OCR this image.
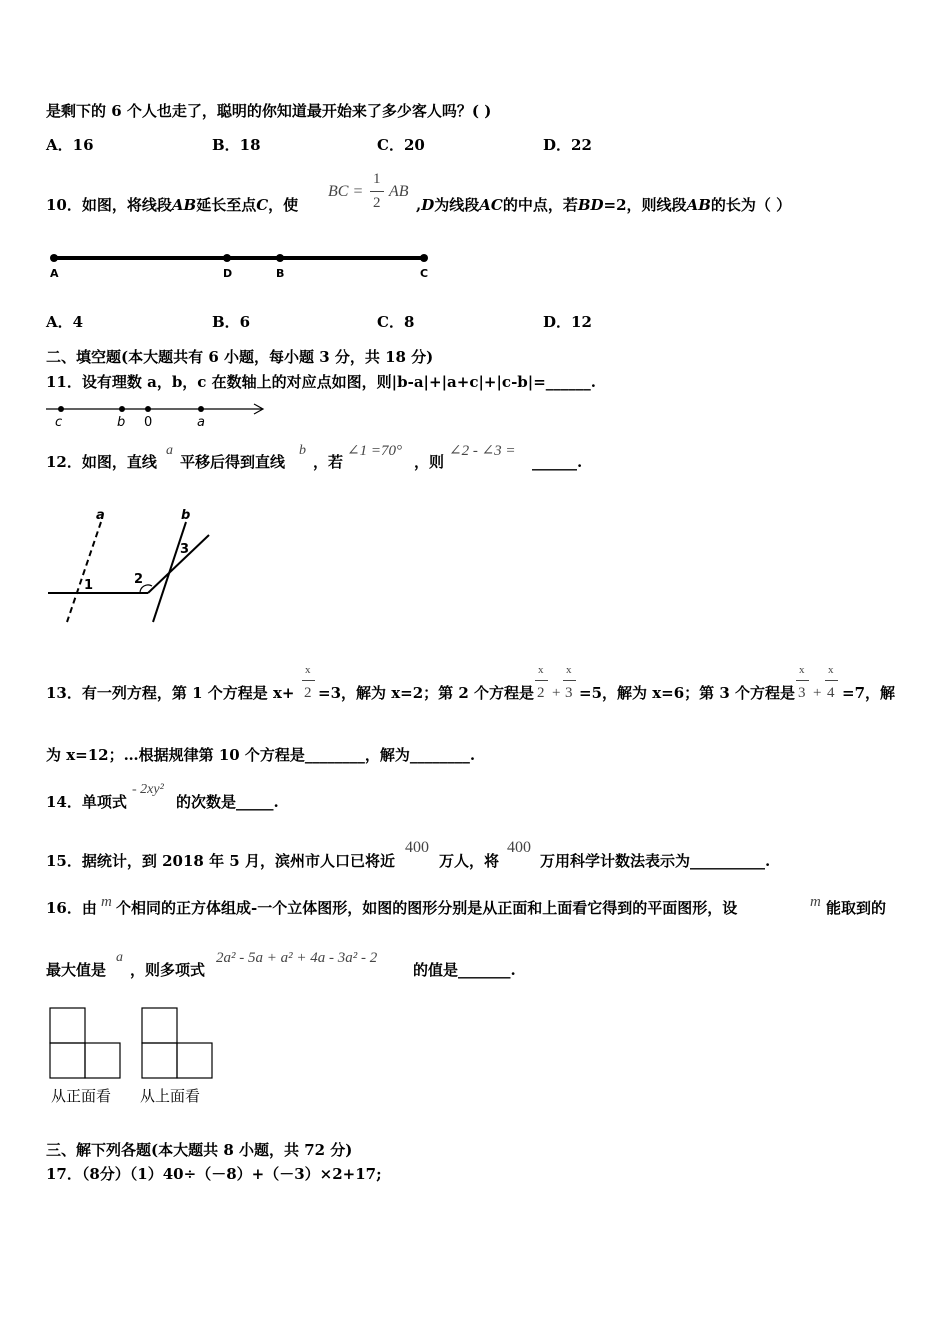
是剩下的 6 个人也走了，聪明的你知道最开始来了多少客人吗？( )
A．16	B．18	C．20	D．22
10．如图，将线段AB延长至点C，使
BC =
1
2
AB
,D为线段AC的中点，若BD=2，则线段AB的长为（ ）
A	D	B	C
A．4	B．6	C．8	D．12
二、填空题(本大题共有 6 小题，每小题 3 分，共 18 分)
11．设有理数 a，b，c 在数轴上的对应点如图，则|b-a|+|a+c|+|c-b|=______.
c	b 0	a
12．如图，直线
a
平移后得到直线
b
，若
∠1 =70°
，则
∠2 - ∠3 =
______.
a	b
1	2
3
13．有一列方程，第 1 个方程是 x+
x
2 =3，解为 x=2；第 2 个方程是
x
2 +
x
3 =5，解为 x=6；第 3 个方程是
x
3 +
x
4 =7，解
为 x=12；…根据规律第 10 个方程是________，解为________.
14．单项式
- 2xy²
的次数是_____.
15．据统计，到 2018 年 5 月，滨州市人口已将近
400
万人，将
400
万用科学计数法表示为__________.
16．由 m 个相同的正方体组成-一个立体图形，如图的图形分别是从正面和上面看它得到的平面图形，设	m 能取到的
最大值是
a
，则多项式
2a² - 5a + a² + 4a - 3a² - 2
的值是_______.
从正面看 从上面看
三、解下列各题(本大题共 8 小题，共 72 分)
17．（8分）（1）40÷（－8）+（－3）×2+17;
